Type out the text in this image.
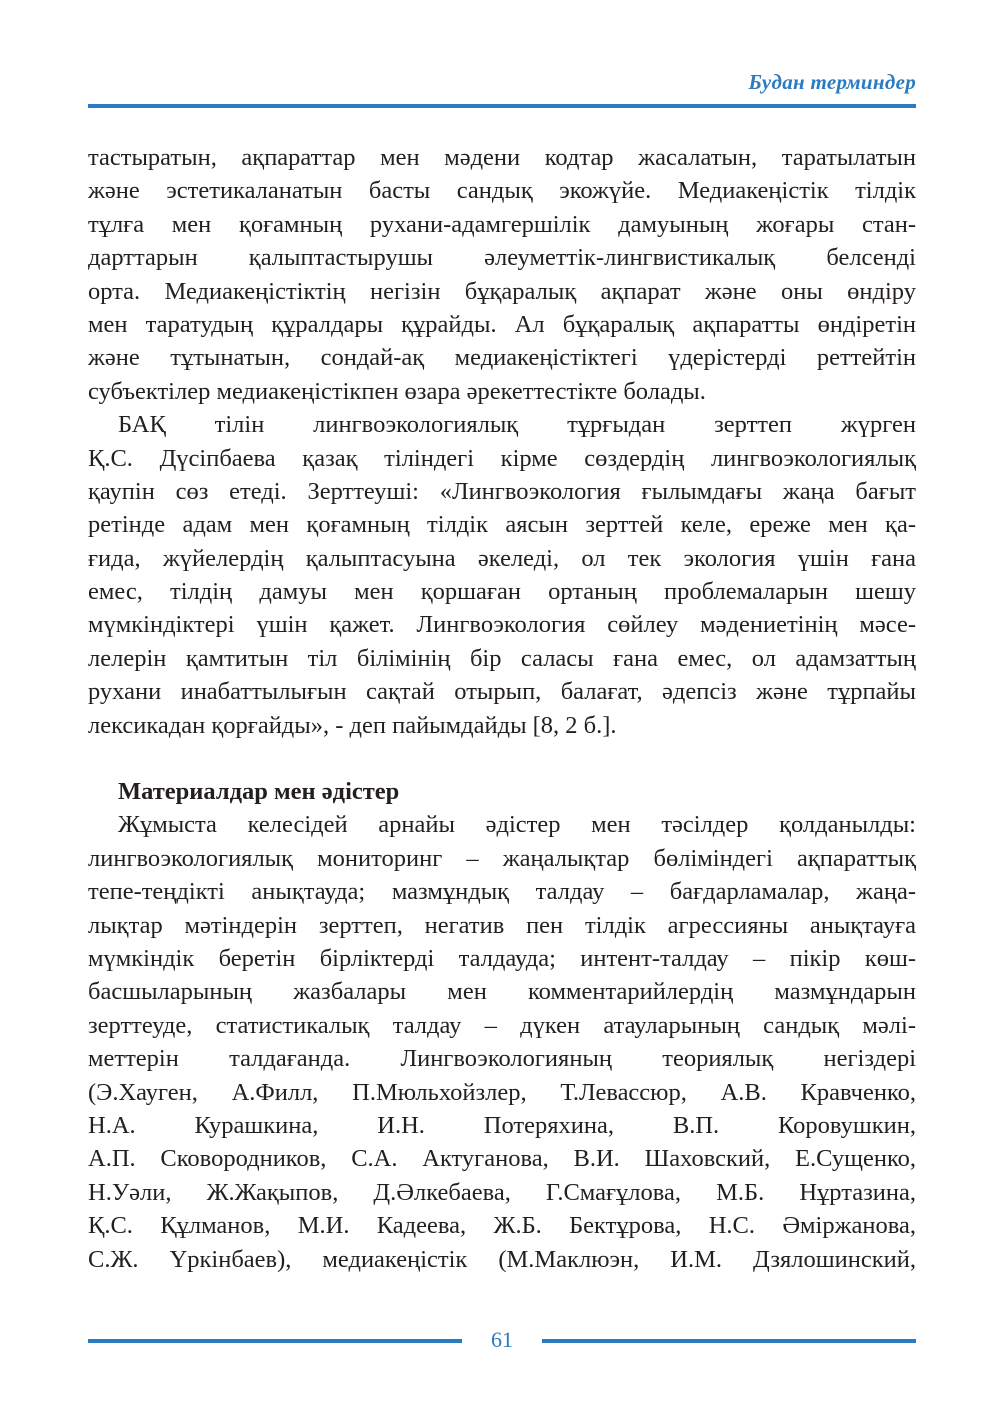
Будан терминдер
тастыратын, ақпараттар мен мәдени кодтар жасалатын, таратылатын
және эстетикаланатын басты сандық экожүйе. Медиакеңістік тілдік
тұлға мен қоғамның рухани-адамгершілік дамуының жоғары стан-
дарттарын қалыптастырушы әлеуметтік-лингвистикалық белсенді
орта. Медиакеңістіктің негізін бұқаралық ақпарат және оны өндіру
мен таратудың құралдары құрайды. Ал бұқаралық ақпаратты өндіретін
және тұтынатын, сондай-ақ медиакеңістіктегі үдерістерді реттейтін
субъектілер медиакеңістікпен өзара әрекеттестікте болады.
БАҚ тілін лингвоэкологиялық тұрғыдан зерттеп жүрген
Қ.С. Дүсіпбаева қазақ тіліндегі кірме сөздердің лингвоэкологиялық
қаупін сөз етеді. Зерттеуші: «Лингвоэкология ғылымдағы жаңа бағыт
ретінде адам мен қоғамның тілдік аясын зерттей келе, ереже мен қа-
ғида, жүйелердің қалыптасуына әкеледі, ол тек экология үшін ғана
емес, тілдің дамуы мен қоршаған ортаның проблемаларын шешу
мүмкіндіктері үшін қажет. Лингвоэкология сөйлеу мәдениетінің мәсе-
лелерін қамтитын тіл білімінің бір саласы ғана емес, ол адамзаттың
рухани инабаттылығын сақтай отырып, балағат, әдепсіз және тұрпайы
лексикадан қорғайды», - деп пайымдайды [8, 2 б.].
Материалдар мен әдістер
Жұмыста келесідей арнайы әдістер мен тәсілдер қолданылды:
лингвоэкологиялық мониторинг – жаңалықтар бөліміндегі ақпараттық
тепе-теңдікті анықтауда; мазмұндық талдау – бағдарламалар, жаңа-
лықтар мәтіндерін зерттеп, негатив пен тілдік агрессияны анықтауға
мүмкіндік беретін бірліктерді талдауда; интент-талдау – пікір көш-
басшыларының жазбалары мен комментарийлердің мазмұндарын
зерттеуде, статистикалық талдау – дүкен атауларының сандық мәлі-
меттерін талдағанда. Лингвоэкологияның теориялық негіздері
(Э.Хауген, А.Филл, П.Мюльхойзлер, Т.Левассюр, А.В. Кравченко,
Н.А. Курашкина, И.Н. Потеряхина, В.П. Коровушкин,
А.П. Сковородников, С.А. Актуганова, В.И. Шаховский, Е.Сущенко,
Н.Уәли, Ж.Жақыпов, Д.Әлкебаева, Г.Смағұлова, М.Б. Нұртазина,
Қ.С. Құлманов, М.И. Кадеева, Ж.Б. Бектұрова, Н.С. Әміржанова,
С.Ж. Үркінбаев), медиакеңістік (М.Маклюэн, И.М. Дзялошинский,
61
